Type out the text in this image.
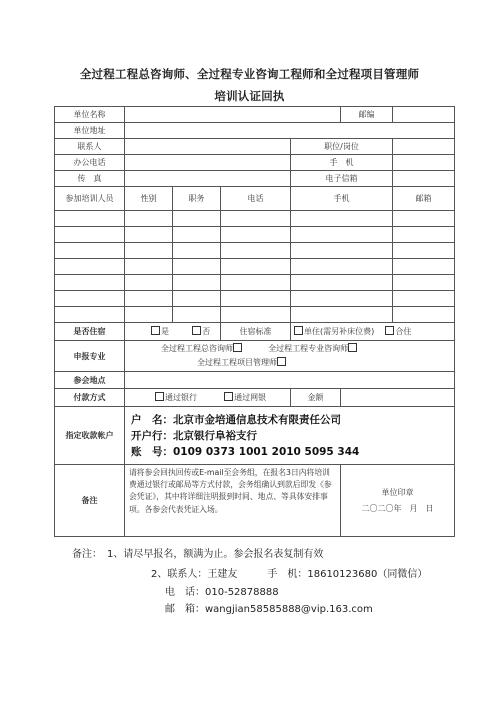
全过程工程总咨询师、全过程专业咨询工程师和全过程项目管理师
培训认证回执
单位名称					邮编	
单位地址						
联系人				职位/岗位		
办公电话				手　机		
传　真				电子信箱		
参加培训人员	性别	职务	电话	手机		邮箱

是否住宿	是 否		住宿标准	单住(需另补床位费) 合住		
申报专业	全过程工程总咨询师 全过程工程专业咨询师
全过程工程项目管理师					

参会地点						
付款方式	通过银行 通过网银			金额		
指定收款帐户	户　名：北京市金培通信息技术有限责任公司
开户行：北京银行阜裕支行
账　号：0109 0373 1001 2010 5095 344					

备注	请将参会回执回传或E-mail至会务组，在报名3日内将培训费通过银行或邮局等方式付款，会务组确认到款后即发《参会凭证》，其中将详细注明报到时间、地点、等具体安排事项。各参会代表凭证入场。				单位印章
二〇二〇年　月　日	
备注：　1、请尽早报名，额满为止。参会报名表复制有效
2、联系人：王建友　　　手　机：18610123680（同微信）
电　话：010-52878888
邮　箱：wangjian58585888@vip.163.com
